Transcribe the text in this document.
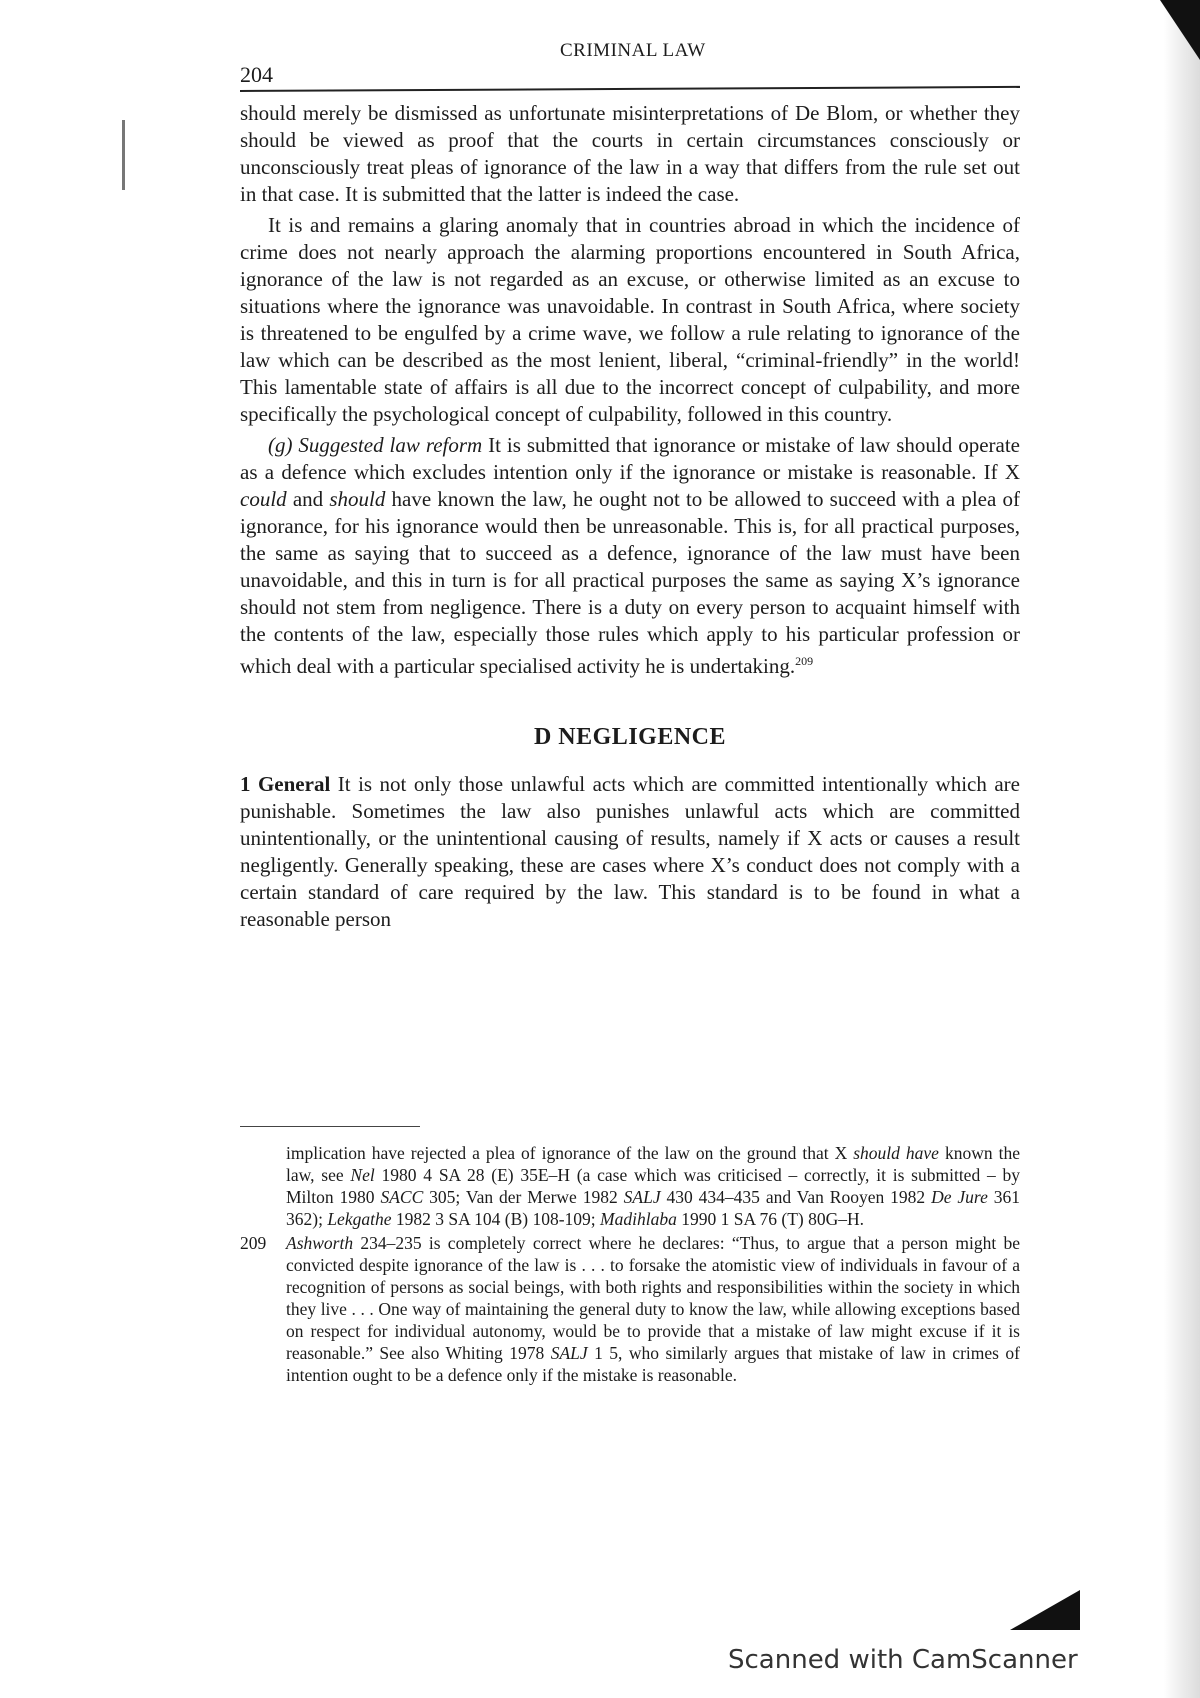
204
CRIMINAL LAW

should merely be dismissed as unfortunate misinterpretations of De Blom, or whether they should be viewed as proof that the courts in certain circumstances consciously or unconsciously treat pleas of ignorance of the law in a way that differs from the rule set out in that case. It is submitted that the latter is indeed the case.

It is and remains a glaring anomaly that in countries abroad in which the incidence of crime does not nearly approach the alarming proportions encountered in South Africa, ignorance of the law is not regarded as an excuse, or otherwise limited as an excuse to situations where the ignorance was unavoidable. In contrast in South Africa, where society is threatened to be engulfed by a crime wave, we follow a rule relating to ignorance of the law which can be described as the most lenient, liberal, “criminal-friendly” in the world! This lamentable state of affairs is all due to the incorrect concept of culpability, and more specifically the psychological concept of culpability, followed in this country.

(g) Suggested law reform It is submitted that ignorance or mistake of law should operate as a defence which excludes intention only if the ignorance or mistake is reasonable. If X could and should have known the law, he ought not to be allowed to succeed with a plea of ignorance, for his ignorance would then be unreasonable. This is, for all practical purposes, the same as saying that to succeed as a defence, ignorance of the law must have been unavoidable, and this in turn is for all practical purposes the same as saying X’s ignorance should not stem from negligence. There is a duty on every person to acquaint himself with the contents of the law, especially those rules which apply to his particular profession or which deal with a particular specialised activity he is undertaking.$^{209}$

D NEGLIGENCE

1 General It is not only those unlawful acts which are committed intentionally which are punishable. Sometimes the law also punishes unlawful acts which are committed unintentionally, or the unintentional causing of results, namely if X acts or causes a result negligently. Generally speaking, these are cases where X’s conduct does not comply with a certain standard of care required by the law. This standard is to be found in what a reasonable person

implication have rejected a plea of ignorance of the law on the ground that X should have known the law, see Nel 1980 4 SA 28 (E) 35E–H (a case which was criticised – correctly, it is submitted – by Milton 1980 SACC 305; Van der Merwe 1982 SALJ 430 434–435 and Van Rooyen 1982 De Jure 361 362); Lekgathe 1982 3 SA 104 (B) 108-109; Madihlaba 1990 1 SA 76 (T) 80G–H.

209 Ashworth 234–235 is completely correct where he declares: “Thus, to argue that a person might be convicted despite ignorance of the law is . . . to forsake the atomistic view of individuals in favour of a recognition of persons as social beings, with both rights and responsibilities within the society in which they live . . . One way of maintaining the general duty to know the law, while allowing exceptions based on respect for individual autonomy, would be to provide that a mistake of law might excuse if it is reasonable.” See also Whiting 1978 SALJ 1 5, who similarly argues that mistake of law in crimes of intention ought to be a defence only if the mistake is reasonable.

Scanned with CamScanner
